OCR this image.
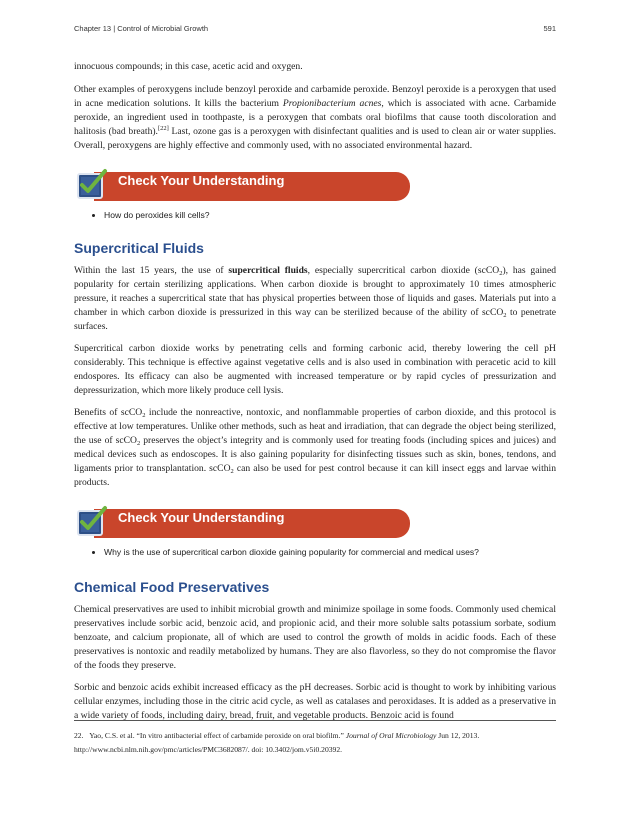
Chapter 13 | Control of Microbial Growth	591

innocuous compounds; in this case, acetic acid and oxygen.

Other examples of peroxygens include benzoyl peroxide and carbamide peroxide. Benzoyl peroxide is a peroxygen that used in acne medication solutions. It kills the bacterium Propionibacterium acnes, which is associated with acne. Carbamide peroxide, an ingredient used in toothpaste, is a peroxygen that combats oral biofilms that cause tooth discoloration and halitosis (bad breath).[22] Last, ozone gas is a peroxygen with disinfectant qualities and is used to clean air or water supplies. Overall, peroxygens are highly effective and commonly used, with no associated environmental hazard.

Check Your Understanding
• How do peroxides kill cells?
Supercritical Fluids

Within the last 15 years, the use of supercritical fluids, especially supercritical carbon dioxide (scCO$_2$), has gained popularity for certain sterilizing applications. When carbon dioxide is brought to approximately 10 times atmospheric pressure, it reaches a supercritical state that has physical properties between those of liquids and gases. Materials put into a chamber in which carbon dioxide is pressurized in this way can be sterilized because of the ability of scCO$_2$ to penetrate surfaces.

Supercritical carbon dioxide works by penetrating cells and forming carbonic acid, thereby lowering the cell pH considerably. This technique is effective against vegetative cells and is also used in combination with peracetic acid to kill endospores. Its efficacy can also be augmented with increased temperature or by rapid cycles of pressurization and depressurization, which more likely produce cell lysis.

Benefits of scCO$_2$ include the nonreactive, nontoxic, and nonflammable properties of carbon dioxide, and this protocol is effective at low temperatures. Unlike other methods, such as heat and irradiation, that can degrade the object being sterilized, the use of scCO$_2$ preserves the object’s integrity and is commonly used for treating foods (including spices and juices) and medical devices such as endoscopes. It is also gaining popularity for disinfecting tissues such as skin, bones, tendons, and ligaments prior to transplantation. scCO$_2$ can also be used for pest control because it can kill insect eggs and larvae within products.

Check Your Understanding
• Why is the use of supercritical carbon dioxide gaining popularity for commercial and medical uses?
Chemical Food Preservatives

Chemical preservatives are used to inhibit microbial growth and minimize spoilage in some foods. Commonly used chemical preservatives include sorbic acid, benzoic acid, and propionic acid, and their more soluble salts potassium sorbate, sodium benzoate, and calcium propionate, all of which are used to control the growth of molds in acidic foods. Each of these preservatives is nontoxic and readily metabolized by humans. They are also flavorless, so they do not compromise the flavor of the foods they preserve.

Sorbic and benzoic acids exhibit increased efficacy as the pH decreases. Sorbic acid is thought to work by inhibiting various cellular enzymes, including those in the citric acid cycle, as well as catalases and peroxidases. It is added as a preservative in a wide variety of foods, including dairy, bread, fruit, and vegetable products. Benzoic acid is found

22. Yao, C.S. et al. “In vitro antibacterial effect of carbamide peroxide on oral biofilm.” Journal of Oral Microbiology Jun 12, 2013.
http://www.ncbi.nlm.nih.gov/pmc/articles/PMC3682087/. doi: 10.3402/jom.v5i0.20392.
